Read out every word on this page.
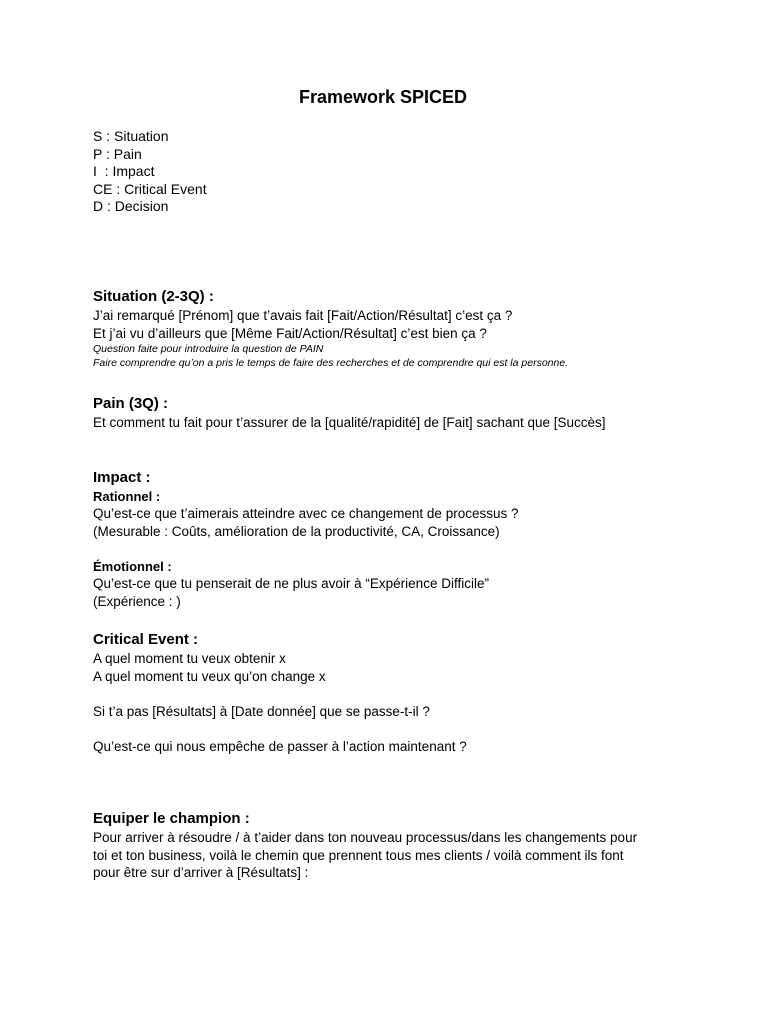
Framework SPICED
S : Situation
P : Pain
I  : Impact
CE : Critical Event
D : Decision
Situation (2-3Q) :
J’ai remarqué [Prénom] que t’avais fait [Fait/Action/Résultat] c’est ça ?
Et j’ai vu d’ailleurs que [Même Fait/Action/Résultat] c’est bien ça ?
Question faite pour introduire la question de PAIN
Faire comprendre qu’on a pris le temps de faire des recherches et de comprendre qui est la personne.
Pain (3Q) :
Et comment tu fait pour t’assurer de la [qualité/rapidité] de [Fait] sachant que [Succès]
Impact :
Rationnel :
Qu’est-ce que t’aimerais atteindre avec ce changement de processus ?
(Mesurable : Coûts, amélioration de la productivité, CA, Croissance)
Émotionnel :
Qu’est-ce que tu penserait de ne plus avoir à “Expérience Difficile”
(Expérience : )
Critical Event :
A quel moment tu veux obtenir x
A quel moment tu veux qu’on change x
Si t’a pas [Résultats] à [Date donnée] que se passe-t-il ?
Qu’est-ce qui nous empêche de passer à l’action maintenant ?
Equiper le champion :
Pour arriver à résoudre / à t’aider dans ton nouveau processus/dans les changements pour
toi et ton business, voilà le chemin que prennent tous mes clients / voilà comment ils font
pour être sur d’arriver à [Résultats] :
